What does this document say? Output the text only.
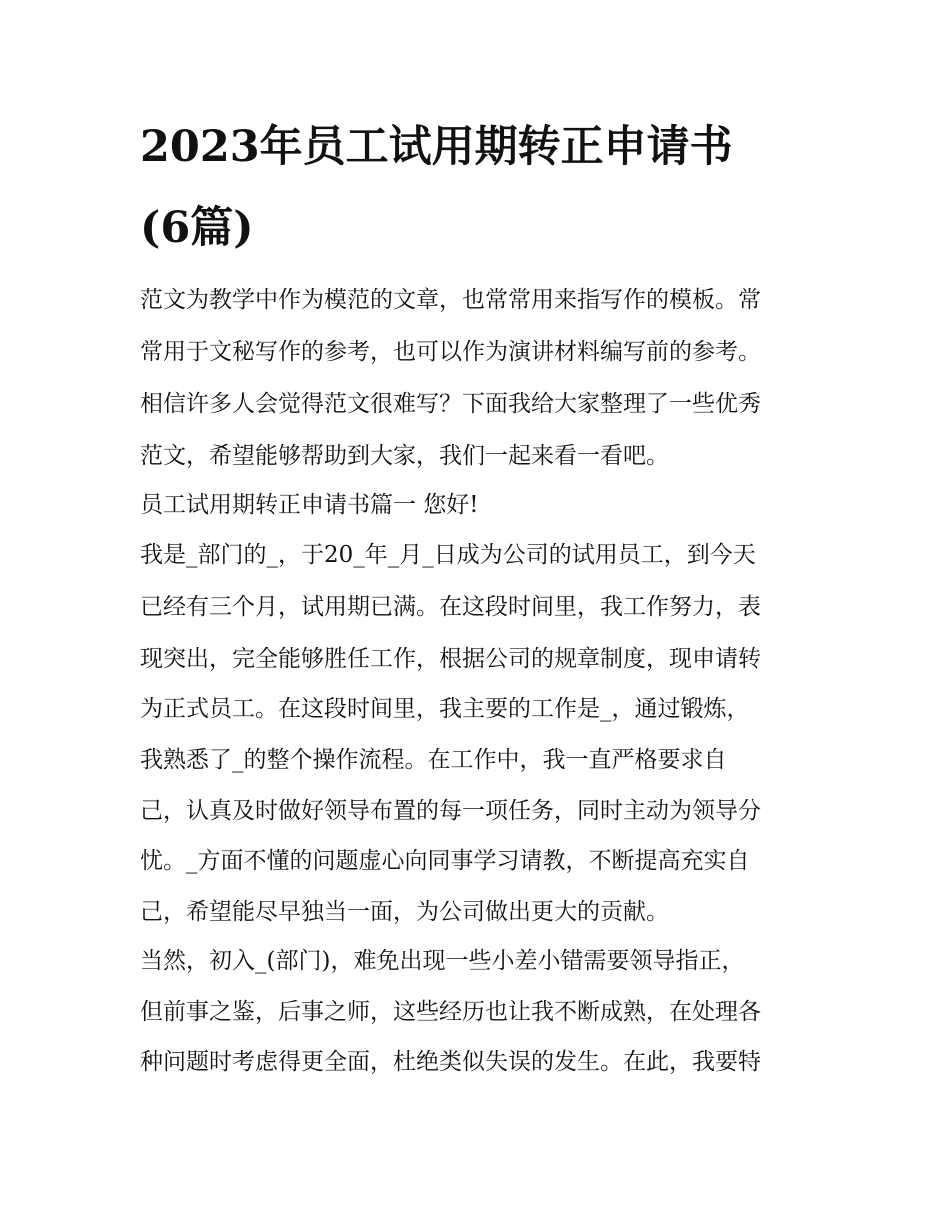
2023年员工试用期转正申请书
(6篇)

范文为教学中作为模范的文章，也常常用来指写作的模板。常

常用于文秘写作的参考，也可以作为演讲材料编写前的参考。

相信许多人会觉得范文很难写？下面我给大家整理了一些优秀

范文，希望能够帮助到大家，我们一起来看一看吧。

员工试用期转正申请书篇一 您好!

我是_部门的_，于20_年_月_日成为公司的试用员工，到今天

已经有三个月，试用期已满。在这段时间里，我工作努力，表

现突出，完全能够胜任工作，根据公司的规章制度，现申请转

为正式员工。在这段时间里，我主要的工作是_，通过锻炼，

我熟悉了_的整个操作流程。在工作中，我一直严格要求自

己，认真及时做好领导布置的每一项任务，同时主动为领导分

忧。_方面不懂的问题虚心向同事学习请教，不断提高充实自

己，希望能尽早独当一面，为公司做出更大的贡献。

当然，初入_(部门)，难免出现一些小差小错需要领导指正，

但前事之鉴，后事之师，这些经历也让我不断成熟，在处理各

种问题时考虑得更全面，杜绝类似失误的发生。在此，我要特
